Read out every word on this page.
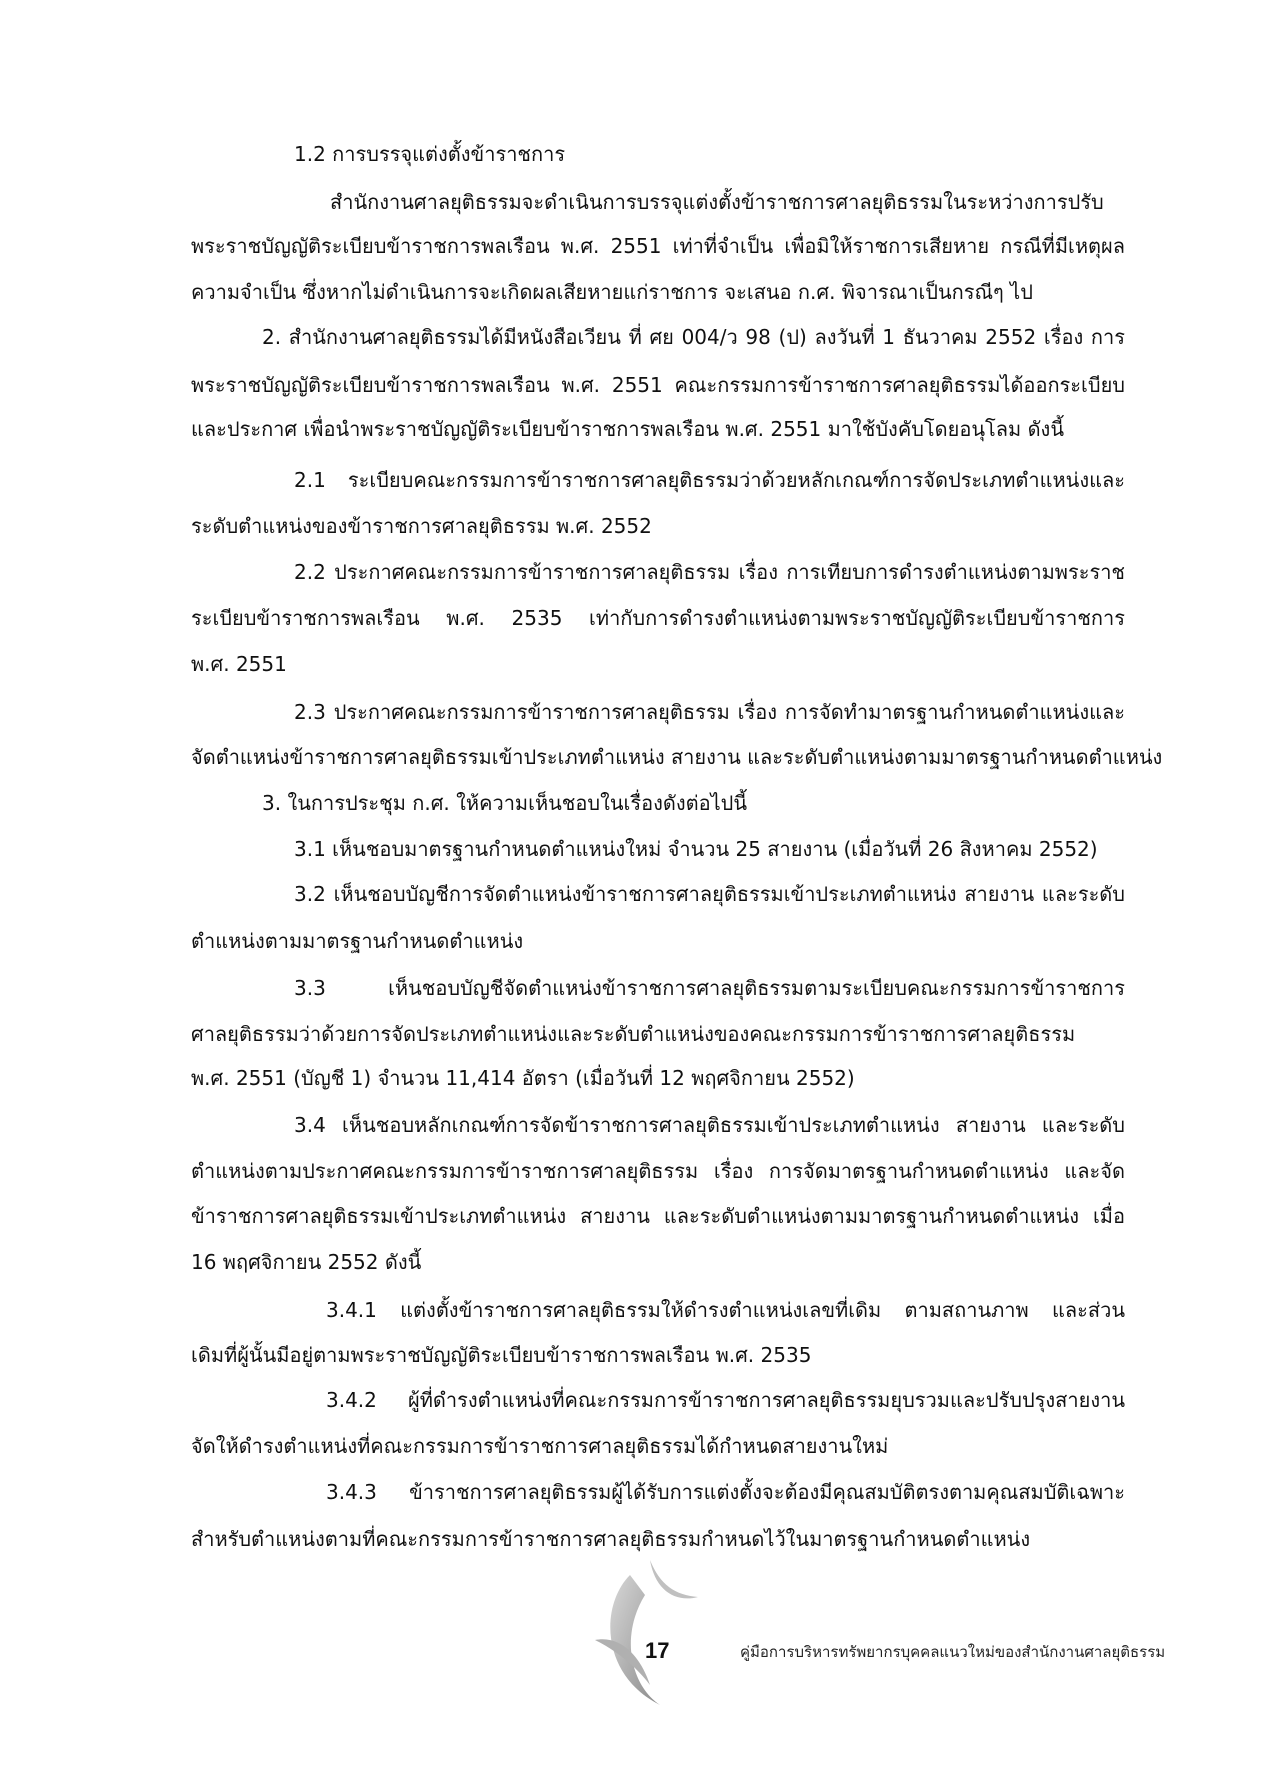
1.2 การบรรจุแต่งตั้งข้าราชการ
สำนักงานศาลยุติธรรมจะดำเนินการบรรจุแต่งตั้งข้าราชการศาลยุติธรรมในระหว่างการปรับ
พระราชบัญญัติระเบียบข้าราชการพลเรือน พ.ศ. 2551 เท่าที่จำเป็น เพื่อมิให้ราชการเสียหาย กรณีที่มีเหตุผล
ความจำเป็น ซึ่งหากไม่ดำเนินการจะเกิดผลเสียหายแก่ราชการ จะเสนอ ก.ศ. พิจารณาเป็นกรณีๆ ไป
2. สำนักงานศาลยุติธรรมได้มีหนังสือเวียน ที่ ศย 004/ว 98 (ป) ลงวันที่ 1 ธันวาคม 2552 เรื่อง การ
พระราชบัญญัติระเบียบข้าราชการพลเรือน พ.ศ. 2551 คณะกรรมการข้าราชการศาลยุติธรรมได้ออกระเบียบ
และประกาศ เพื่อนำพระราชบัญญัติระเบียบข้าราชการพลเรือน พ.ศ. 2551 มาใช้บังคับโดยอนุโลม ดังนี้
2.1 ระเบียบคณะกรรมการข้าราชการศาลยุติธรรมว่าด้วยหลักเกณฑ์การจัดประเภทตำแหน่งและ
ระดับตำแหน่งของข้าราชการศาลยุติธรรม พ.ศ. 2552
2.2 ประกาศคณะกรรมการข้าราชการศาลยุติธรรม เรื่อง การเทียบการดำรงตำแหน่งตามพระราช
ระเบียบข้าราชการพลเรือน พ.ศ. 2535 เท่ากับการดำรงตำแหน่งตามพระราชบัญญัติระเบียบข้าราชการ
พ.ศ. 2551
2.3 ประกาศคณะกรรมการข้าราชการศาลยุติธรรม เรื่อง การจัดทำมาตรฐานกำหนดตำแหน่งและ
จัดตำแหน่งข้าราชการศาลยุติธรรมเข้าประเภทตำแหน่ง สายงาน และระดับตำแหน่งตามมาตรฐานกำหนดตำแหน่ง
3. ในการประชุม ก.ศ. ให้ความเห็นชอบในเรื่องดังต่อไปนี้
3.1 เห็นชอบมาตรฐานกำหนดตำแหน่งใหม่ จำนวน 25 สายงาน (เมื่อวันที่ 26 สิงหาคม 2552)
3.2 เห็นชอบบัญชีการจัดตำแหน่งข้าราชการศาลยุติธรรมเข้าประเภทตำแหน่ง สายงาน และระดับ
ตำแหน่งตามมาตรฐานกำหนดตำแหน่ง
3.3 เห็นชอบบัญชีจัดตำแหน่งข้าราชการศาลยุติธรรมตามระเบียบคณะกรรมการข้าราชการ
ศาลยุติธรรมว่าด้วยการจัดประเภทตำแหน่งและระดับตำแหน่งของคณะกรรมการข้าราชการศาลยุติธรรม
พ.ศ. 2551 (บัญชี 1) จำนวน 11,414 อัตรา (เมื่อวันที่ 12 พฤศจิกายน 2552)
3.4 เห็นชอบหลักเกณฑ์การจัดข้าราชการศาลยุติธรรมเข้าประเภทตำแหน่ง สายงาน และระดับ
ตำแหน่งตามประกาศคณะกรรมการข้าราชการศาลยุติธรรม เรื่อง การจัดมาตรฐานกำหนดตำแหน่ง และจัด
ข้าราชการศาลยุติธรรมเข้าประเภทตำแหน่ง สายงาน และระดับตำแหน่งตามมาตรฐานกำหนดตำแหน่ง เมื่อ
16 พฤศจิกายน 2552 ดังนี้
3.4.1 แต่งตั้งข้าราชการศาลยุติธรรมให้ดำรงตำแหน่งเลขที่เดิม ตามสถานภาพ และส่วน
เดิมที่ผู้นั้นมีอยู่ตามพระราชบัญญัติระเบียบข้าราชการพลเรือน พ.ศ. 2535
3.4.2 ผู้ที่ดำรงตำแหน่งที่คณะกรรมการข้าราชการศาลยุติธรรมยุบรวมและปรับปรุงสายงาน
จัดให้ดำรงตำแหน่งที่คณะกรรมการข้าราชการศาลยุติธรรมได้กำหนดสายงานใหม่
3.4.3 ข้าราชการศาลยุติธรรมผู้ได้รับการแต่งตั้งจะต้องมีคุณสมบัติตรงตามคุณสมบัติเฉพาะ
สำหรับตำแหน่งตามที่คณะกรรมการข้าราชการศาลยุติธรรมกำหนดไว้ในมาตรฐานกำหนดตำแหน่ง
17	คู่มือการบริหารทรัพยากรบุคคลแนวใหม่ของสำนักงานศาลยุติธรรม
